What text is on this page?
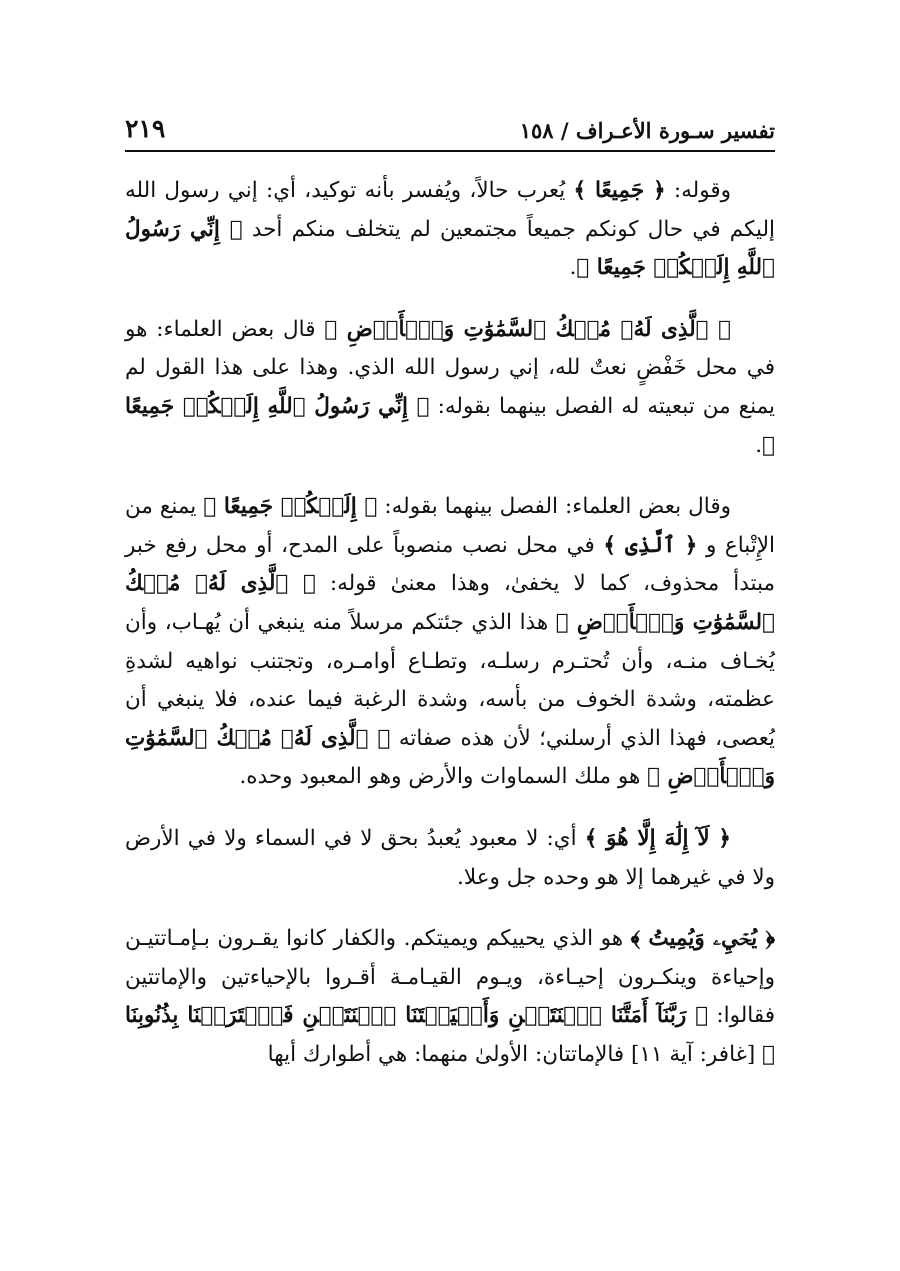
تفسير سـورة الأعـراف / ١٥٨
٢١٩

وقوله: ﴿ جَمِيعًا ﴾ يُعرب حالاً، ويُفسر بأنه توكيد، أي: إني رسول الله إليكم في حال كونكم جميعاً مجتمعين لم يتخلف منكم أحد ﴿ إِنِّي رَسُولُ ٱللَّهِ إِلَيۡكُمۡ جَمِيعًا ﴾.

﴿ ٱلَّذِى لَهُۥ مُلۡكُ ٱلسَّمَٰوَٰتِ وَٱلۡأَرۡضِ ﴾ قال بعض العلماء: هو في محل خَفْضٍ نعتٌ لله، إني رسول الله الذي. وهذا على هذا القول لم يمنع من تبعيته له الفصل بينهما بقوله: ﴿ إِنِّي رَسُولُ ٱللَّهِ إِلَيۡكُمۡ جَمِيعًا ﴾.

وقال بعض العلماء: الفصل بينهما بقوله: ﴿ إِلَيۡكُمۡ جَمِيعًا ﴾ يمنع من الإِتْباع و ﴿ ٱلَّذِى ﴾ في محل نصب منصوباً على المدح، أو محل رفع خبر مبتدأ محذوف، كما لا يخفىٰ، وهذا معنىٰ قوله: ﴿ ٱلَّذِى لَهُۥ مُلۡكُ ٱلسَّمَٰوَٰتِ وَٱلۡأَرۡضِ ﴾ هذا الذي جئتكم مرسلاً منه ينبغي أن يُهـاب، وأن يُخـاف منـه، وأن تُحتـرم رسلـه، وتطـاع أوامـره، وتجتنب نواهيه لشدةِ عظمته، وشدة الخوف من بأسه، وشدة الرغبة فيما عنده، فلا ينبغي أن يُعصى، فهذا الذي أرسلني؛ لأن هذه صفاته ﴿ ٱلَّذِى لَهُۥ مُلۡكُ ٱلسَّمَٰوَٰتِ وَٱلۡأَرۡضِ ﴾ هو ملك السماوات والأرض وهو المعبود وحده.

﴿ لَآ إِلَٰهَ إِلَّا هُوَ ﴾ أي: لا معبود يُعبدُ بحق لا في السماء ولا في الأرض ولا في غيرهما إلا هو وحده جل وعلا.

﴿ يُحۡيِۦ وَيُمِيتُ ﴾ هو الذي يحييكم ويميتكم. والكفار كانوا يقـرون بـإمـاتتيـن وإحياءة وينكـرون إحيـاءة، ويـوم القيـامـة أقـروا بالإحياءتين والإماتتين فقالوا: ﴿ رَبَّنَآ أَمَتَّنَا ٱثۡنَتَيۡنِ وَأَحۡيَيۡتَنَا ٱثۡنَتَيۡنِ فَٱعۡتَرَفۡنَا بِذُنُوبِنَا ﴾ [غافر: آية ١١] فالإماتتان: الأولىٰ منهما: هي أطوارك أيها
